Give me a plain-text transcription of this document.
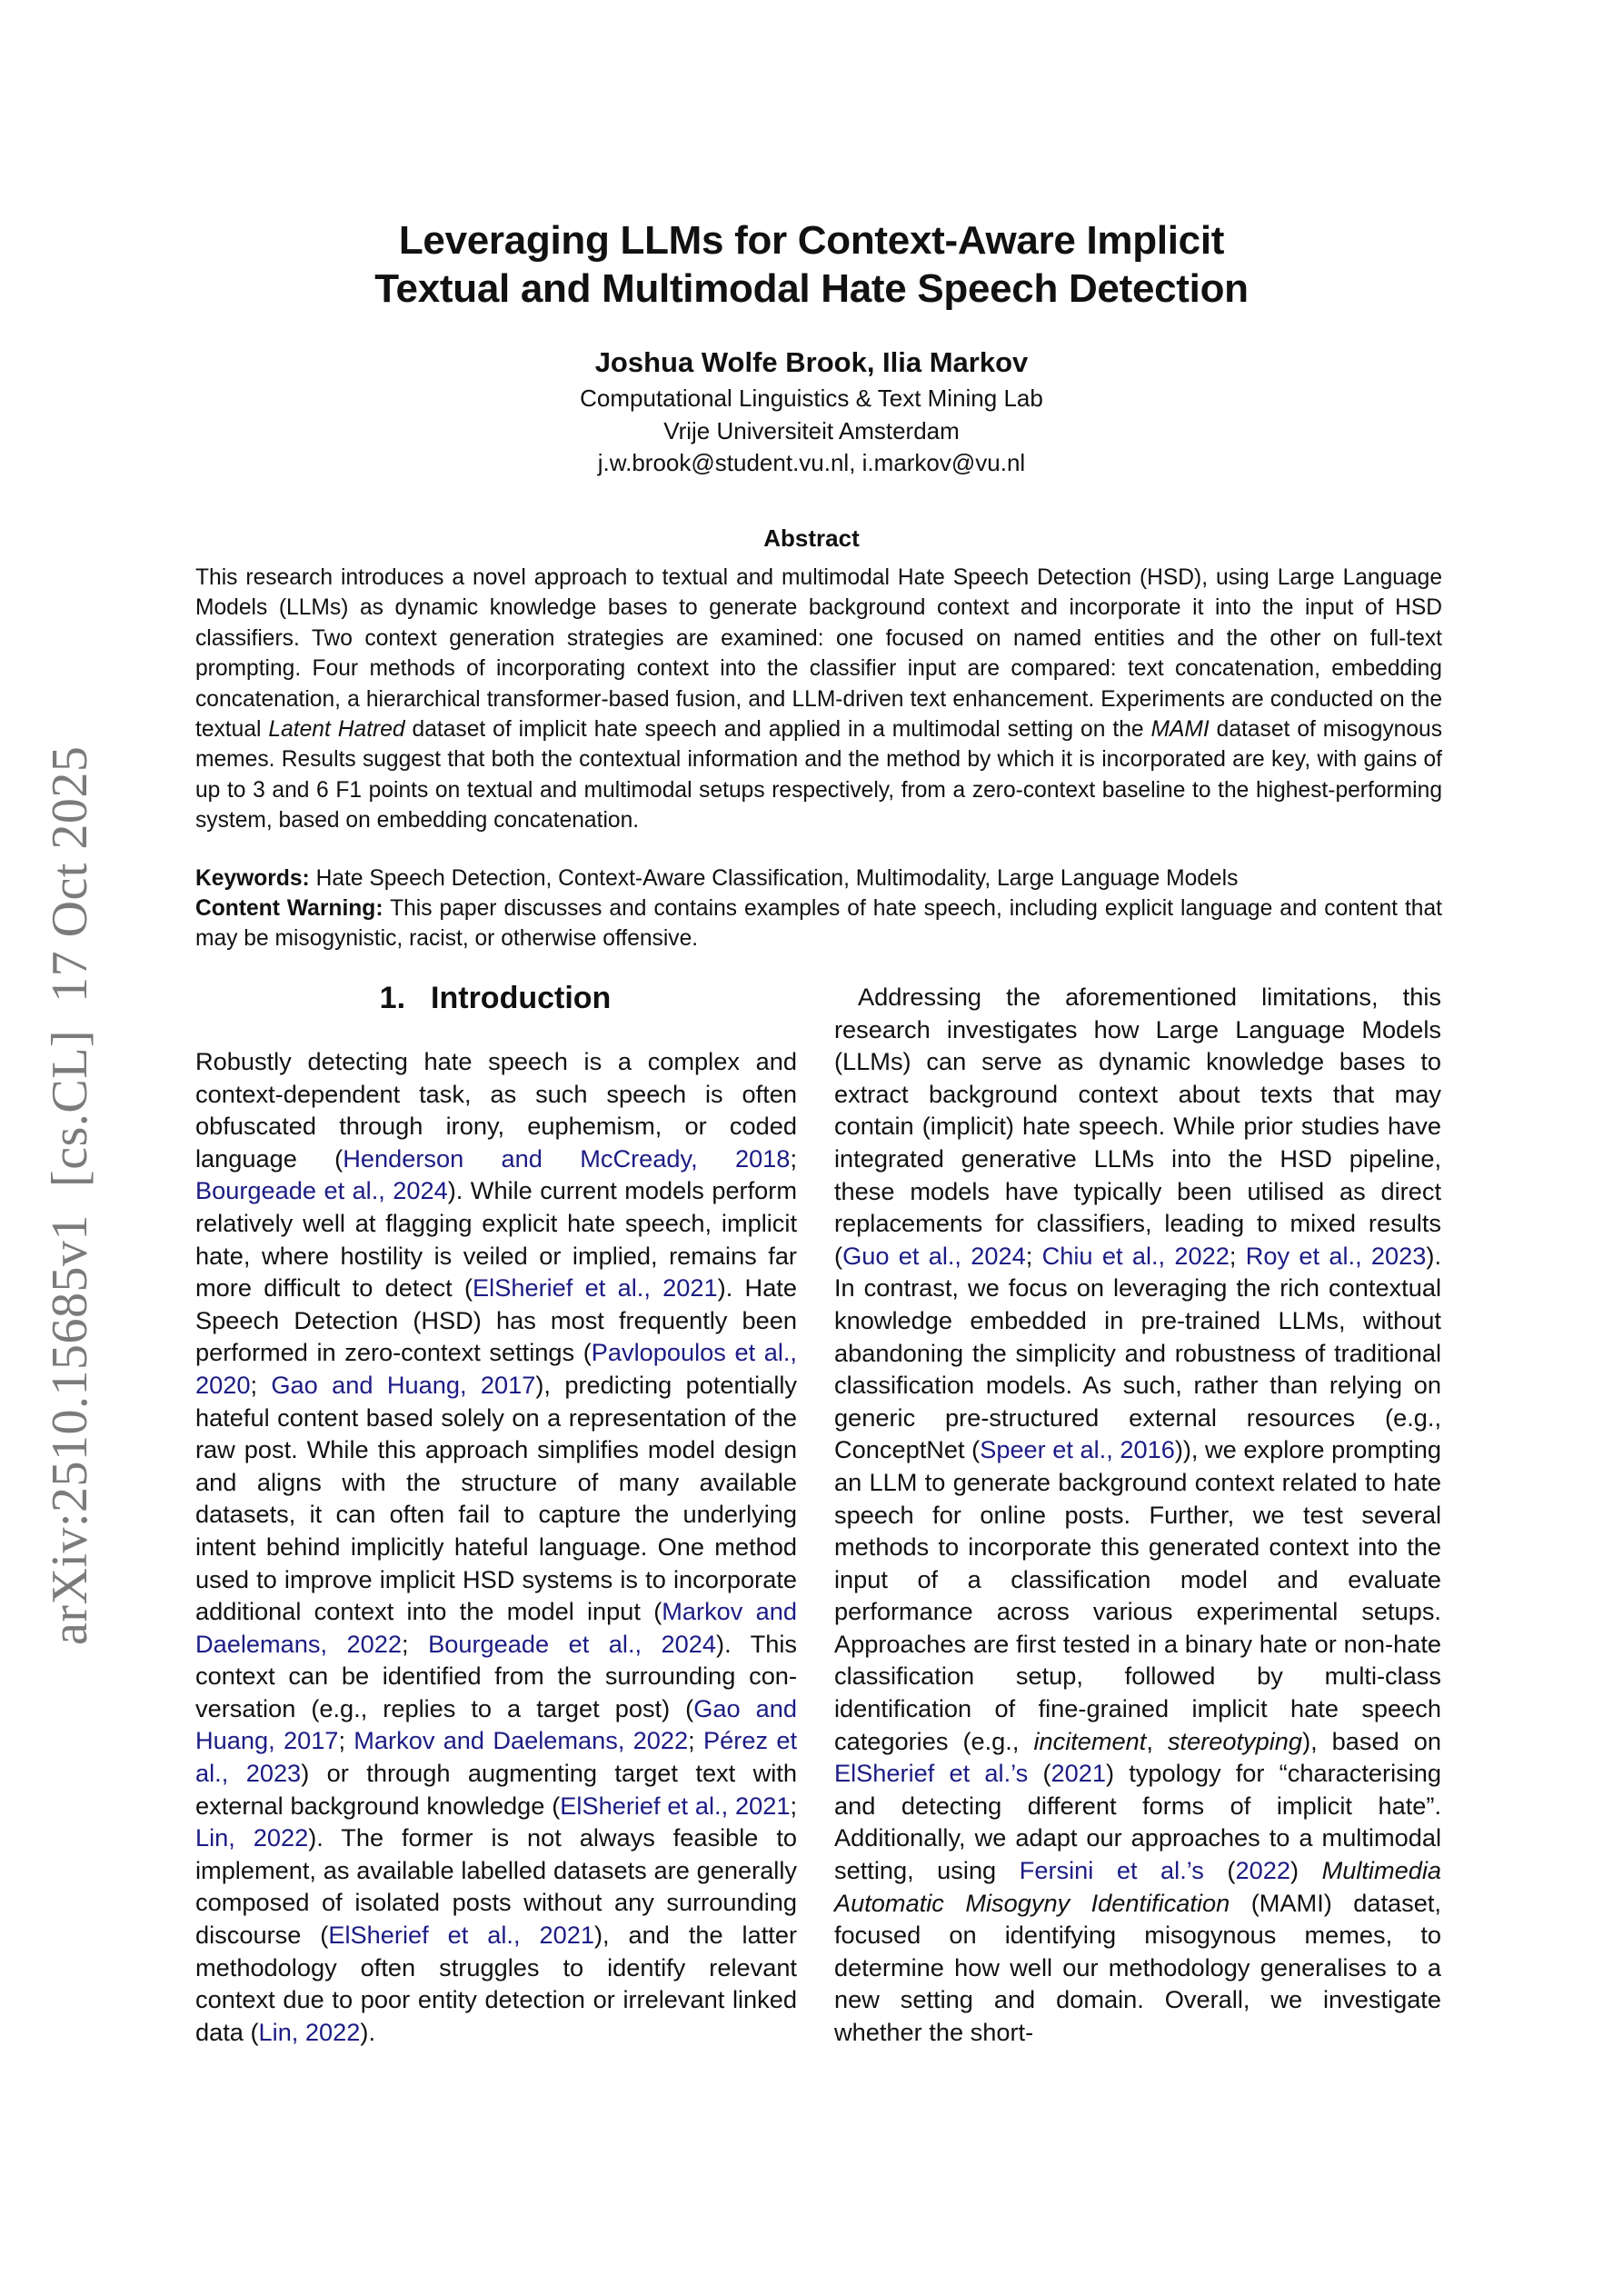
arXiv:2510.15685v1[cs.CL]17 Oct 2025
Leveraging LLMs for Context-Aware Implicit
Textual and Multimodal Hate Speech Detection
Joshua Wolfe Brook, Ilia Markov
Computational Linguistics & Text Mining Lab
Vrije Universiteit Amsterdam
j.w.brook@student.vu.nl, i.markov@vu.nl
Abstract
This research introduces a novel approach to textual and multimodal Hate Speech Detection (HSD), using Large Language Models (LLMs) as dynamic knowledge bases to generate background context and incorporate it into the input of HSD classifiers. Two context generation strategies are examined: one focused on named entities and the other on full-text prompting. Four methods of incorporating context into the classifier input are compared: text concatenation, embedding concatenation, a hierarchical transformer-based fusion, and LLM-driven text enhancement. Experiments are conducted on the textual Latent Hatred dataset of implicit hate speech and applied in a multimodal setting on the MAMI dataset of misogynous memes. Results suggest that both the contextual information and the method by which it is incorporated are key, with gains of up to 3 and 6 F1 points on textual and multimodal setups respectively, from a zero-context baseline to the highest-performing system, based on embedding concatenation.
Keywords: Hate Speech Detection, Context-Aware Classification, Multimodality, Large Language Models
Content Warning: This paper discusses and contains examples of hate speech, including explicit language and content that may be misogynistic, racist, or otherwise offensive.
1. Introduction

Robustly detecting hate speech is a complex and context-dependent task, as such speech is often obfuscated through irony, euphemism, or coded language (Henderson and McCready, 2018; Bourgeade et al., 2024). While current models perform relatively well at flagging explicit hate speech, implicit hate, where hostility is veiled or implied, remains far more difficult to detect (ElSherief et al., 2021). Hate Speech Detection (HSD) has most frequently been performed in zero-context settings (Pavlopoulos et al., 2020; Gao and Huang, 2017), predicting potentially hateful content based solely on a representation of the raw post. While this approach simplifies model design and aligns with the structure of many available datasets, it can often fail to capture the underlying intent behind implicitly hateful language. One method used to improve implicit HSD systems is to incorporate additional context into the model input (Markov and Daelemans, 2022; Bourgeade et al., 2024). This context can be identified from the surrounding conversation (e.g., replies to a target post) (Gao and Huang, 2017; Markov and Daelemans, 2022; Pérez et al., 2023) or through augmenting target text with external background knowledge (ElSherief et al., 2021; Lin, 2022). The former is not always feasible to implement, as available labelled datasets are generally composed of isolated posts without any surrounding discourse (ElSherief et al., 2021), and the latter methodology often struggles to identify relevant context due to poor entity detection or irrelevant linked data (Lin, 2022).

Addressing the aforementioned limitations, this research investigates how Large Language Models (LLMs) can serve as dynamic knowledge bases to extract background context about texts that may contain (implicit) hate speech. While prior studies have integrated generative LLMs into the HSD pipeline, these models have typically been utilised as direct replacements for classifiers, leading to mixed results (Guo et al., 2024; Chiu et al., 2022; Roy et al., 2023). In contrast, we focus on leveraging the rich contextual knowledge embedded in pre-trained LLMs, without abandoning the simplicity and robustness of traditional classification models. As such, rather than relying on generic pre-structured external resources (e.g., ConceptNet (Speer et al., 2016)), we explore prompting an LLM to generate background context related to hate speech for online posts. Further, we test several methods to incorporate this generated context into the input of a classification model and evaluate performance across various experimental setups. Approaches are first tested in a binary hate or non-hate classification setup, followed by multi-class identification of fine-grained implicit hate speech categories (e.g., incitement, stereotyping), based on ElSherief et al.’s (2021) typology for “characterising and detecting different forms of implicit hate”. Additionally, we adapt our approaches to a multimodal setting, using Fersini et al.’s (2022) Multimedia Automatic Misogyny Identification (MAMI) dataset, focused on identifying misogynous memes, to determine how well our methodology generalises to a new setting and domain. Overall, we investigate whether the short-
